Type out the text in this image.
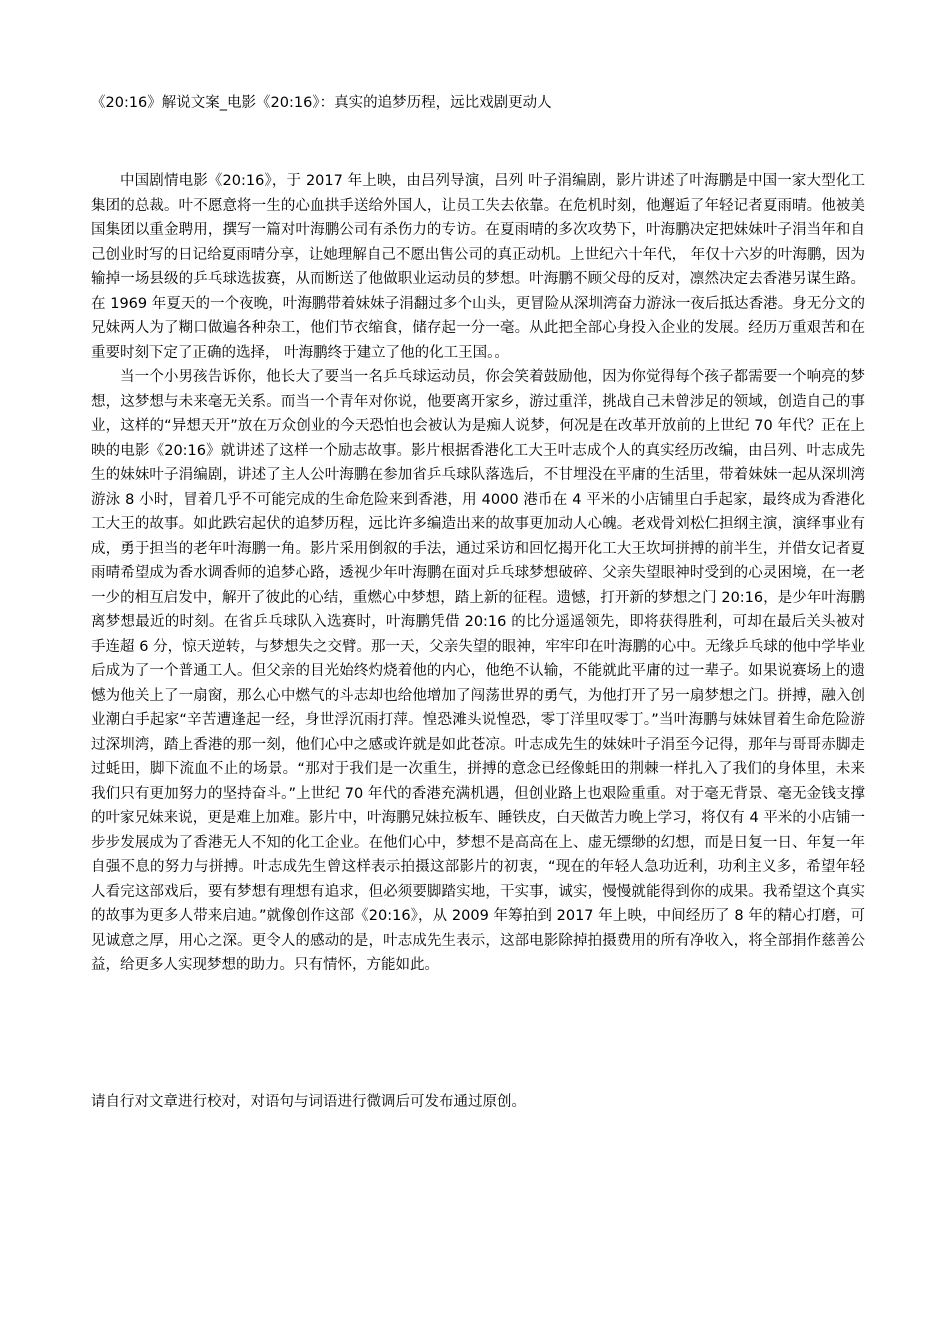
《20:16》解说文案_电影《20:16》：真实的追梦历程，远比戏剧更动人

中国剧情电影《20:16》，于 2017 年上映，由吕列导演，吕列 叶子涓编剧，影片讲述了叶海鹏是中国一家大型化工集团的总裁。叶不愿意将一生的心血拱手送给外国人，让员工失去依靠。在危机时刻，他邂逅了年轻记者夏雨晴。他被美国集团以重金聘用，撰写一篇对叶海鹏公司有杀伤力的专访。在夏雨晴的多次攻势下，叶海鹏决定把妹妹叶子涓当年和自己创业时写的日记给夏雨晴分享，让她理解自己不愿出售公司的真正动机。上世纪六十年代， 年仅十六岁的叶海鹏，因为输掉一场县级的乒乓球选拔赛，从而断送了他做职业运动员的梦想。叶海鹏不顾父母的反对，凛然决定去香港另谋生路。在 1969 年夏天的一个夜晚，叶海鹏带着妹妹子涓翻过多个山头，更冒险从深圳湾奋力游泳一夜后抵达香港。身无分文的兄妹两人为了糊口做遍各种杂工，他们节衣缩食，储存起一分一毫。从此把全部心身投入企业的发展。经历万重艰苦和在重要时刻下定了正确的选择， 叶海鹏终于建立了他的化工王国。。

当一个小男孩告诉你，他长大了要当一名乒乓球运动员，你会笑着鼓励他，因为你觉得每个孩子都需要一个响亮的梦想，这梦想与未来毫无关系。而当一个青年对你说，他要离开家乡，游过重洋，挑战自己未曾涉足的领域，创造自己的事业，这样的“异想天开”放在万众创业的今天恐怕也会被认为是痴人说梦，何况是在改革开放前的上世纪 70 年代？正在上映的电影《20:16》就讲述了这样一个励志故事。影片根据香港化工大王叶志成个人的真实经历改编，由吕列、叶志成先生的妹妹叶子涓编剧，讲述了主人公叶海鹏在参加省乒乓球队落选后，不甘埋没在平庸的生活里，带着妹妹一起从深圳湾游泳 8 小时，冒着几乎不可能完成的生命危险来到香港，用 4000 港币在 4 平米的小店铺里白手起家，最终成为香港化工大王的故事。如此跌宕起伏的追梦历程，远比许多编造出来的故事更加动人心魄。老戏骨刘松仁担纲主演，演绎事业有成，勇于担当的老年叶海鹏一角。影片采用倒叙的手法，通过采访和回忆揭开化工大王坎坷拼搏的前半生，并借女记者夏雨晴希望成为香水调香师的追梦心路，透视少年叶海鹏在面对乒乓球梦想破碎、父亲失望眼神时受到的心灵困境，在一老一少的相互启发中，解开了彼此的心结，重燃心中梦想，踏上新的征程。遗憾，打开新的梦想之门 20:16，是少年叶海鹏离梦想最近的时刻。在省乒乓球队入选赛时，叶海鹏凭借 20:16 的比分遥遥领先，即将获得胜利，可却在最后关头被对手连超 6 分，惊天逆转，与梦想失之交臂。那一天，父亲失望的眼神，牢牢印在叶海鹏的心中。无缘乒乓球的他中学毕业后成为了一个普通工人。但父亲的目光始终灼烧着他的内心，他绝不认输，不能就此平庸的过一辈子。如果说赛场上的遗憾为他关上了一扇窗，那么心中燃气的斗志却也给他增加了闯荡世界的勇气，为他打开了另一扇梦想之门。拼搏，融入创业潮白手起家“辛苦遭逢起一经，身世浮沉雨打萍。惶恐滩头说惶恐，零丁洋里叹零丁。”当叶海鹏与妹妹冒着生命危险游过深圳湾，踏上香港的那一刻，他们心中之感或许就是如此苍凉。叶志成先生的妹妹叶子涓至今记得，那年与哥哥赤脚走过蚝田，脚下流血不止的场景。“那对于我们是一次重生，拼搏的意念已经像蚝田的荆棘一样扎入了我们的身体里，未来我们只有更加努力的坚持奋斗。”上世纪 70 年代的香港充满机遇，但创业路上也艰险重重。对于毫无背景、毫无金钱支撑的叶家兄妹来说，更是难上加难。影片中，叶海鹏兄妹拉板车、睡铁皮，白天做苦力晚上学习，将仅有 4 平米的小店铺一步步发展成为了香港无人不知的化工企业。在他们心中，梦想不是高高在上、虚无缥缈的幻想，而是日复一日、年复一年自强不息的努力与拼搏。叶志成先生曾这样表示拍摄这部影片的初衷，“现在的年轻人急功近利，功利主义多，希望年轻人看完这部戏后，要有梦想有理想有追求，但必须要脚踏实地，干实事，诚实，慢慢就能得到你的成果。我希望这个真实的故事为更多人带来启迪。”就像创作这部《20:16》，从 2009 年筹拍到 2017 年上映，中间经历了 8 年的精心打磨，可见诚意之厚，用心之深。更令人的感动的是，叶志成先生表示，这部电影除掉拍摄费用的所有净收入，将全部捐作慈善公益，给更多人实现梦想的助力。只有情怀，方能如此。

请自行对文章进行校对，对语句与词语进行微调后可发布通过原创。
